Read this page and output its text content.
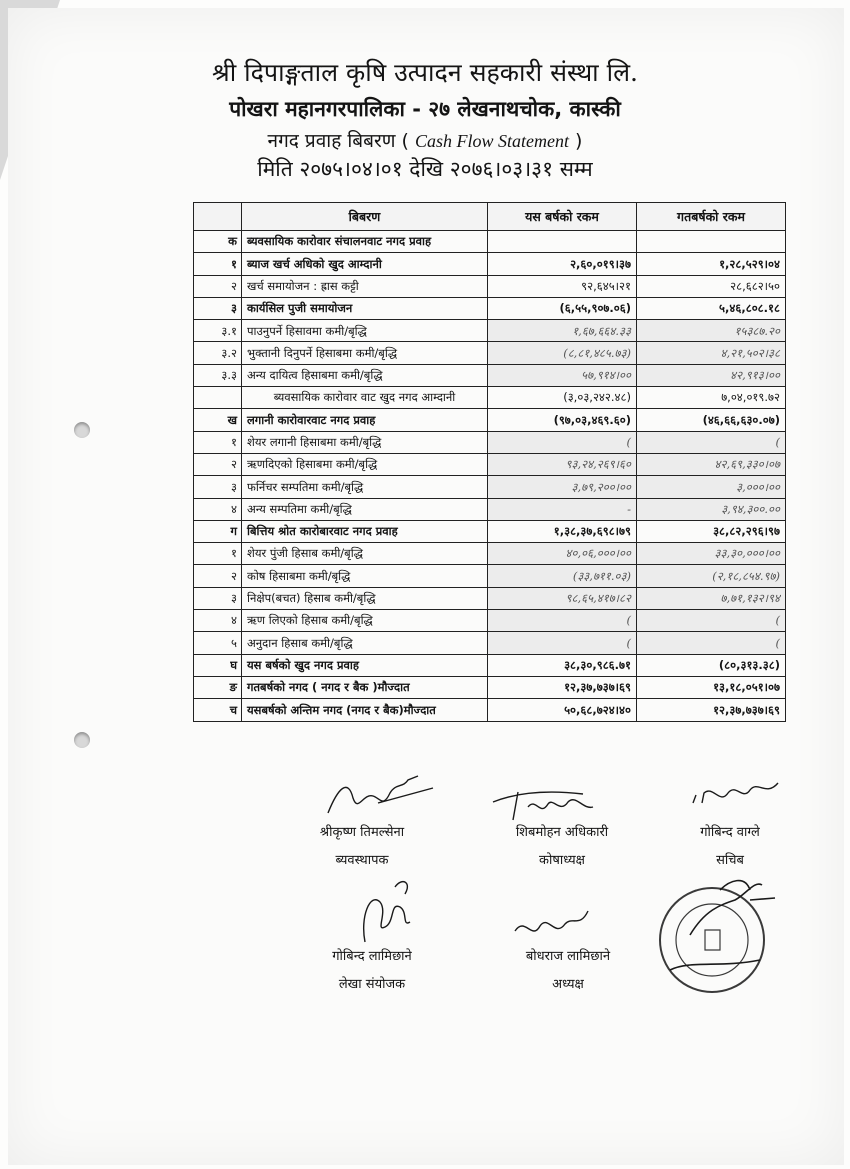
श्री दिपाङ्गताल कृषि उत्पादन सहकारी संस्था लि.
पोखरा महानगरपालिका - २७ लेखनाथचोक, कास्की
नगद प्रवाह बिबरण ( Cash Flow Statement )
मिति २०७५।०४।०१ देखि २०७६।०३।३१ सम्म
	बिबरण	यस बर्षको रकम	गतबर्षको रकम
क	ब्यवसायिक कारोवार संचालनवाट नगद प्रवाह		
१	ब्याज खर्च अधिको खुद आम्दानी	२,६०,०१९।३७	१,२८,५२९।०४
२	खर्च समायोजन : ह्रास कट्टी	९२,६४५।२१	२८,६८२।५०
३	कार्यसिल पुजी समायोजन	(६,५५,९०७.०६)	५,४६,८०८.१८
३.१	पाउनुपर्ने हिसावमा कमी/बृद्धि	१,६७,६६४.३३	१५३८७.२०
३.२	भुक्तानी दिनुपर्ने हिसाबमा कमी/बृद्धि	(८,८१,४८५.७३)	४,२१,५०२।३८
३.३	अन्य दायित्व हिसाबमा कमी/बृद्धि	५७,९१४।००	४२,९१३।००
	ब्यवसायिक कारोवार वाट खुद नगद आम्दानी	(३,०३,२४२.४८)	७,०४,०१९.७२
ख	लगानी कारोवारवाट नगद प्रवाह	(९७,०३,४६९.६०)	(४६,६६,६३०.०७)
१	शेयर लगानी हिसाबमा कमी/बृद्धि	(	(
२	ऋणदिएको हिसाबमा कमी/बृद्धि	९३,२४,२६९।६०	४२,६९,३३०।०७
३	फर्निचर सम्पतिमा कमी/बृद्धि	३,७९,२००।००	३,०००।००
४	अन्य सम्पतिमा कमी/बृद्धि	-	३,९४,३००.००
ग	बित्तिय श्रोत कारोबारवाट नगद प्रवाह	१,३८,३७,६९८।७९	३८,८२,२९६।९७
१	शेयर पुंजी हिसाब कमी/बृद्धि	४०,०६,०००।००	३३,३०,०००।००
२	कोष हिसाबमा कमी/बृद्धि	(३३,७११.०३)	(२,१८,८५४.९७)
३	निक्षेप(बचत) हिसाब कमी/बृद्धि	९८,६५,४१७।८२	७,७१,१३२।९४
४	ऋण लिएको हिसाब कमी/बृद्धि	(	(
५	अनुदान हिसाब कमी/बृद्धि	(	(
घ	यस बर्षको खुद नगद प्रवाह	३८,३०,९८६.७१	(८०,३१३.३८)
ङ	गतबर्षको नगद ( नगद र बैक )मौज्दात	१२,३७,७३७।६९	१३,१८,०५१।०७
च	यसबर्षको अन्तिम नगद (नगद र बैक)मौज्दात	५०,६८,७२४।४०	१२,३७,७३७।६९
श्रीकृष्ण तिमल्सेना
ब्यवस्थापक
शिबमोहन अधिकारी
कोषाध्यक्ष
गोबिन्द वाग्ले
सचिब
गोबिन्द लामिछाने
लेखा संयोजक
बोधराज लामिछाने
अध्यक्ष
